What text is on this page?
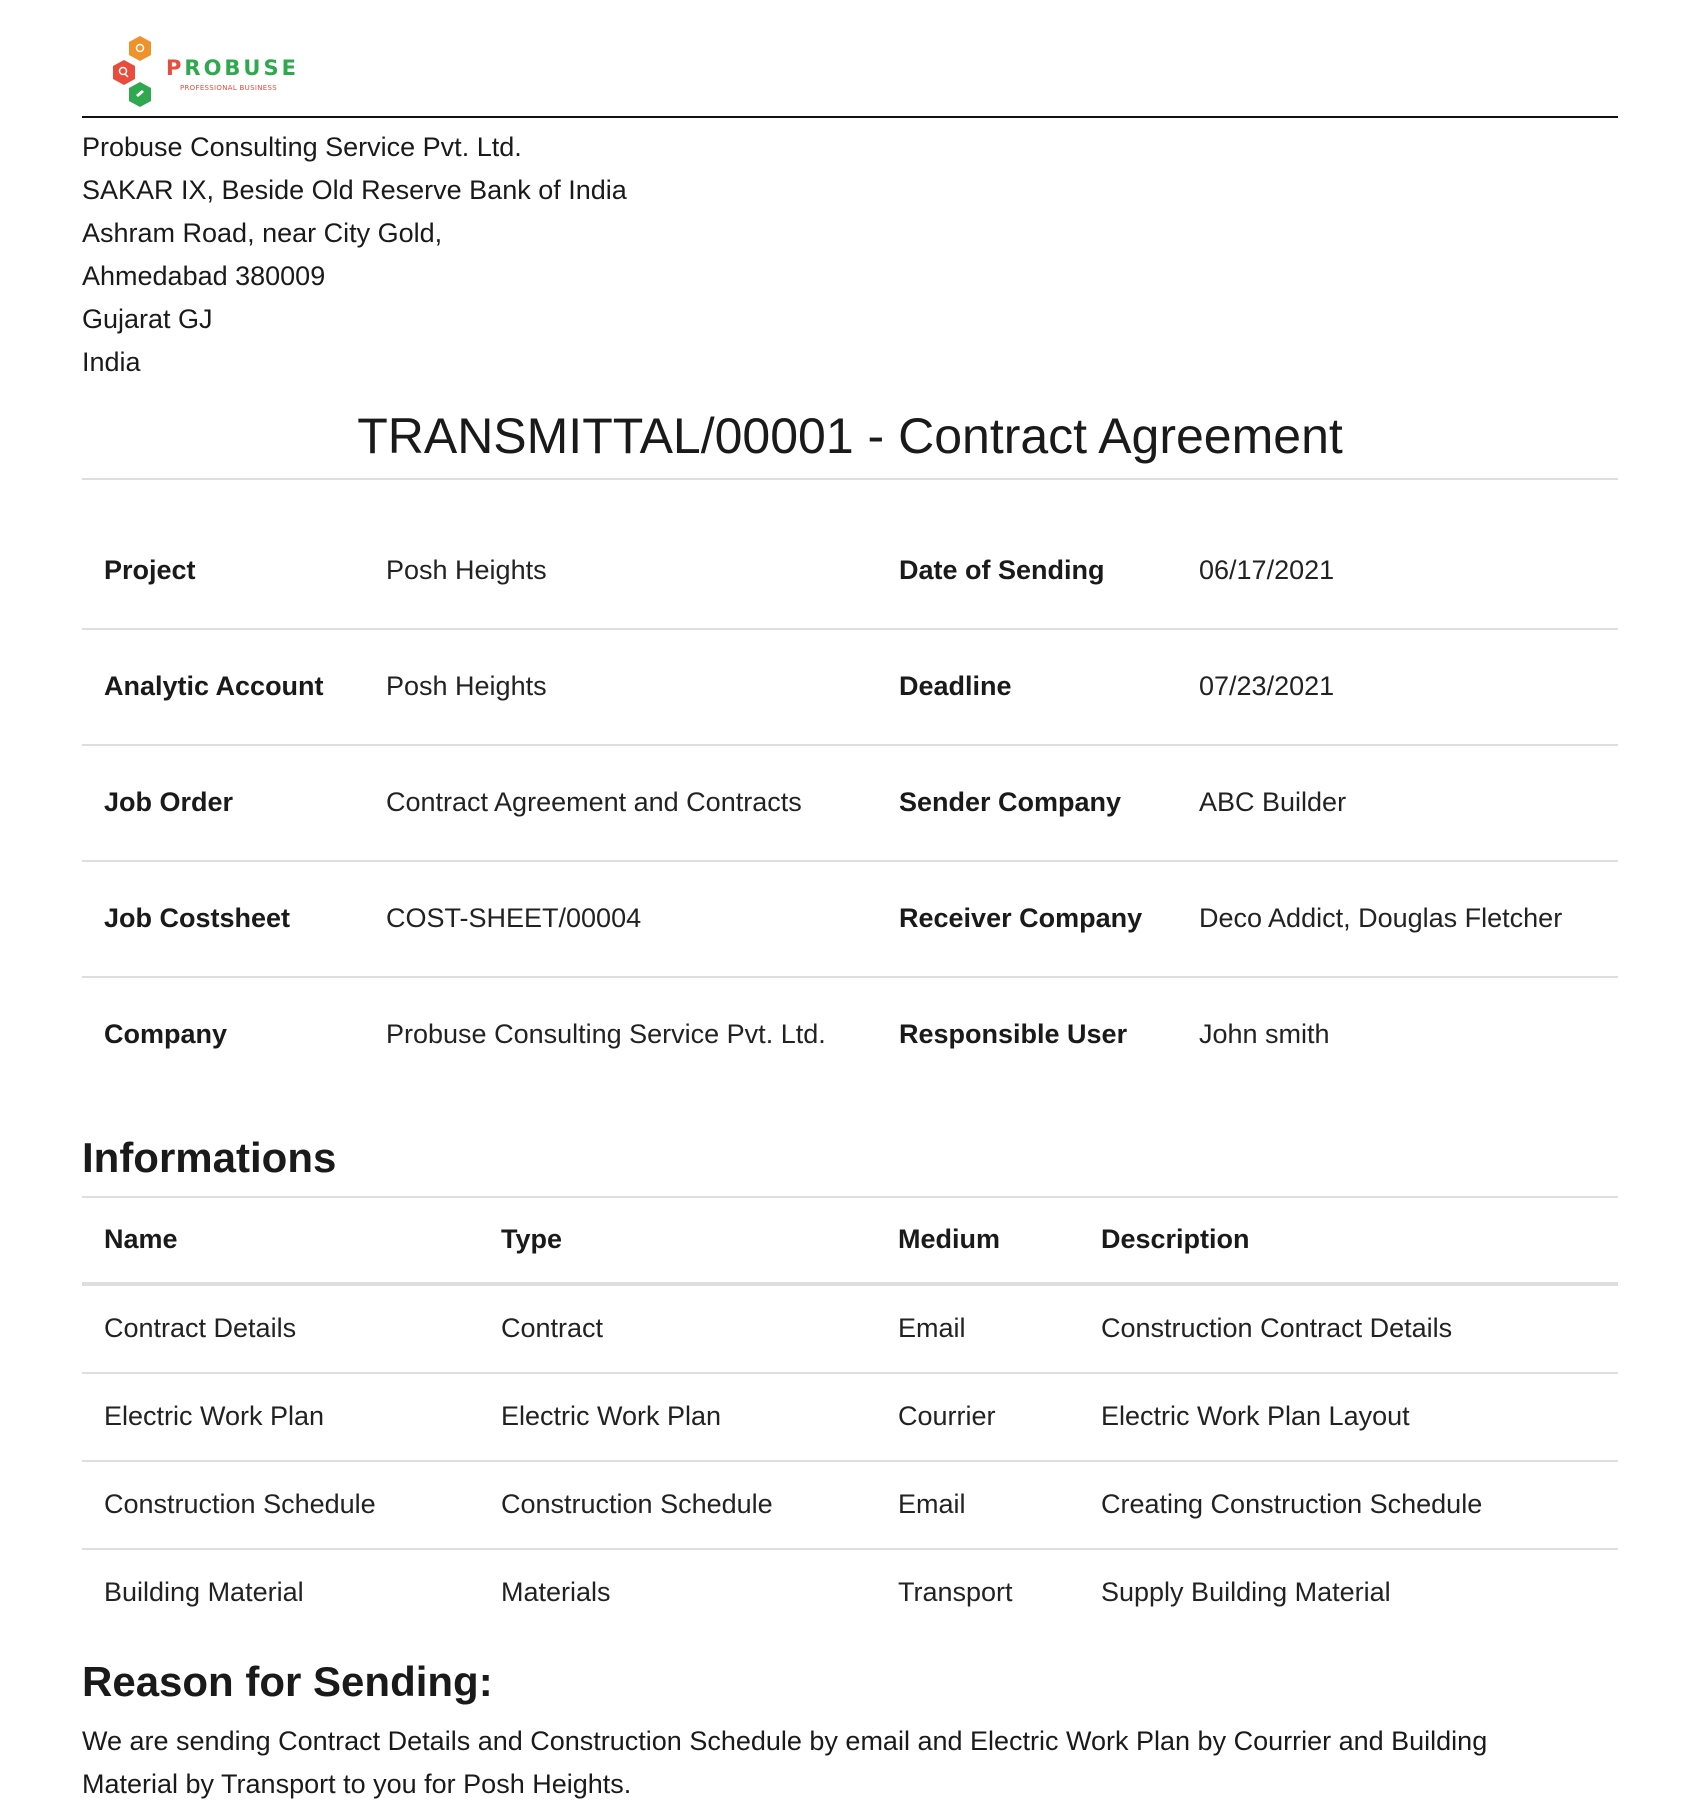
PROBUSE
PROFESSIONAL BUSINESS
Probuse Consulting Service Pvt. Ltd.
SAKAR IX, Beside Old Reserve Bank of India
Ashram Road, near City Gold,
Ahmedabad 380009
Gujarat GJ
India
TRANSMITTAL/00001 - Contract Agreement
Project	Posh Heights	Date of Sending	06/17/2021
Analytic Account	Posh Heights	Deadline	07/23/2021
Job Order	Contract Agreement and Contracts	Sender Company	ABC Builder
Job Costsheet	COST-SHEET/00004	Receiver Company	Deco Addict, Douglas Fletcher
Company	Probuse Consulting Service Pvt. Ltd.	Responsible User	John smith
Informations
Name	Type	Medium	Description
Contract Details	Contract	Email	Construction Contract Details
Electric Work Plan	Electric Work Plan	Courrier	Electric Work Plan Layout
Construction Schedule	Construction Schedule	Email	Creating Construction Schedule
Building Material	Materials	Transport	Supply Building Material
Reason for Sending:
We are sending Contract Details and Construction Schedule by email and Electric Work Plan by Courrier and Building
Material by Transport to you for Posh Heights.
